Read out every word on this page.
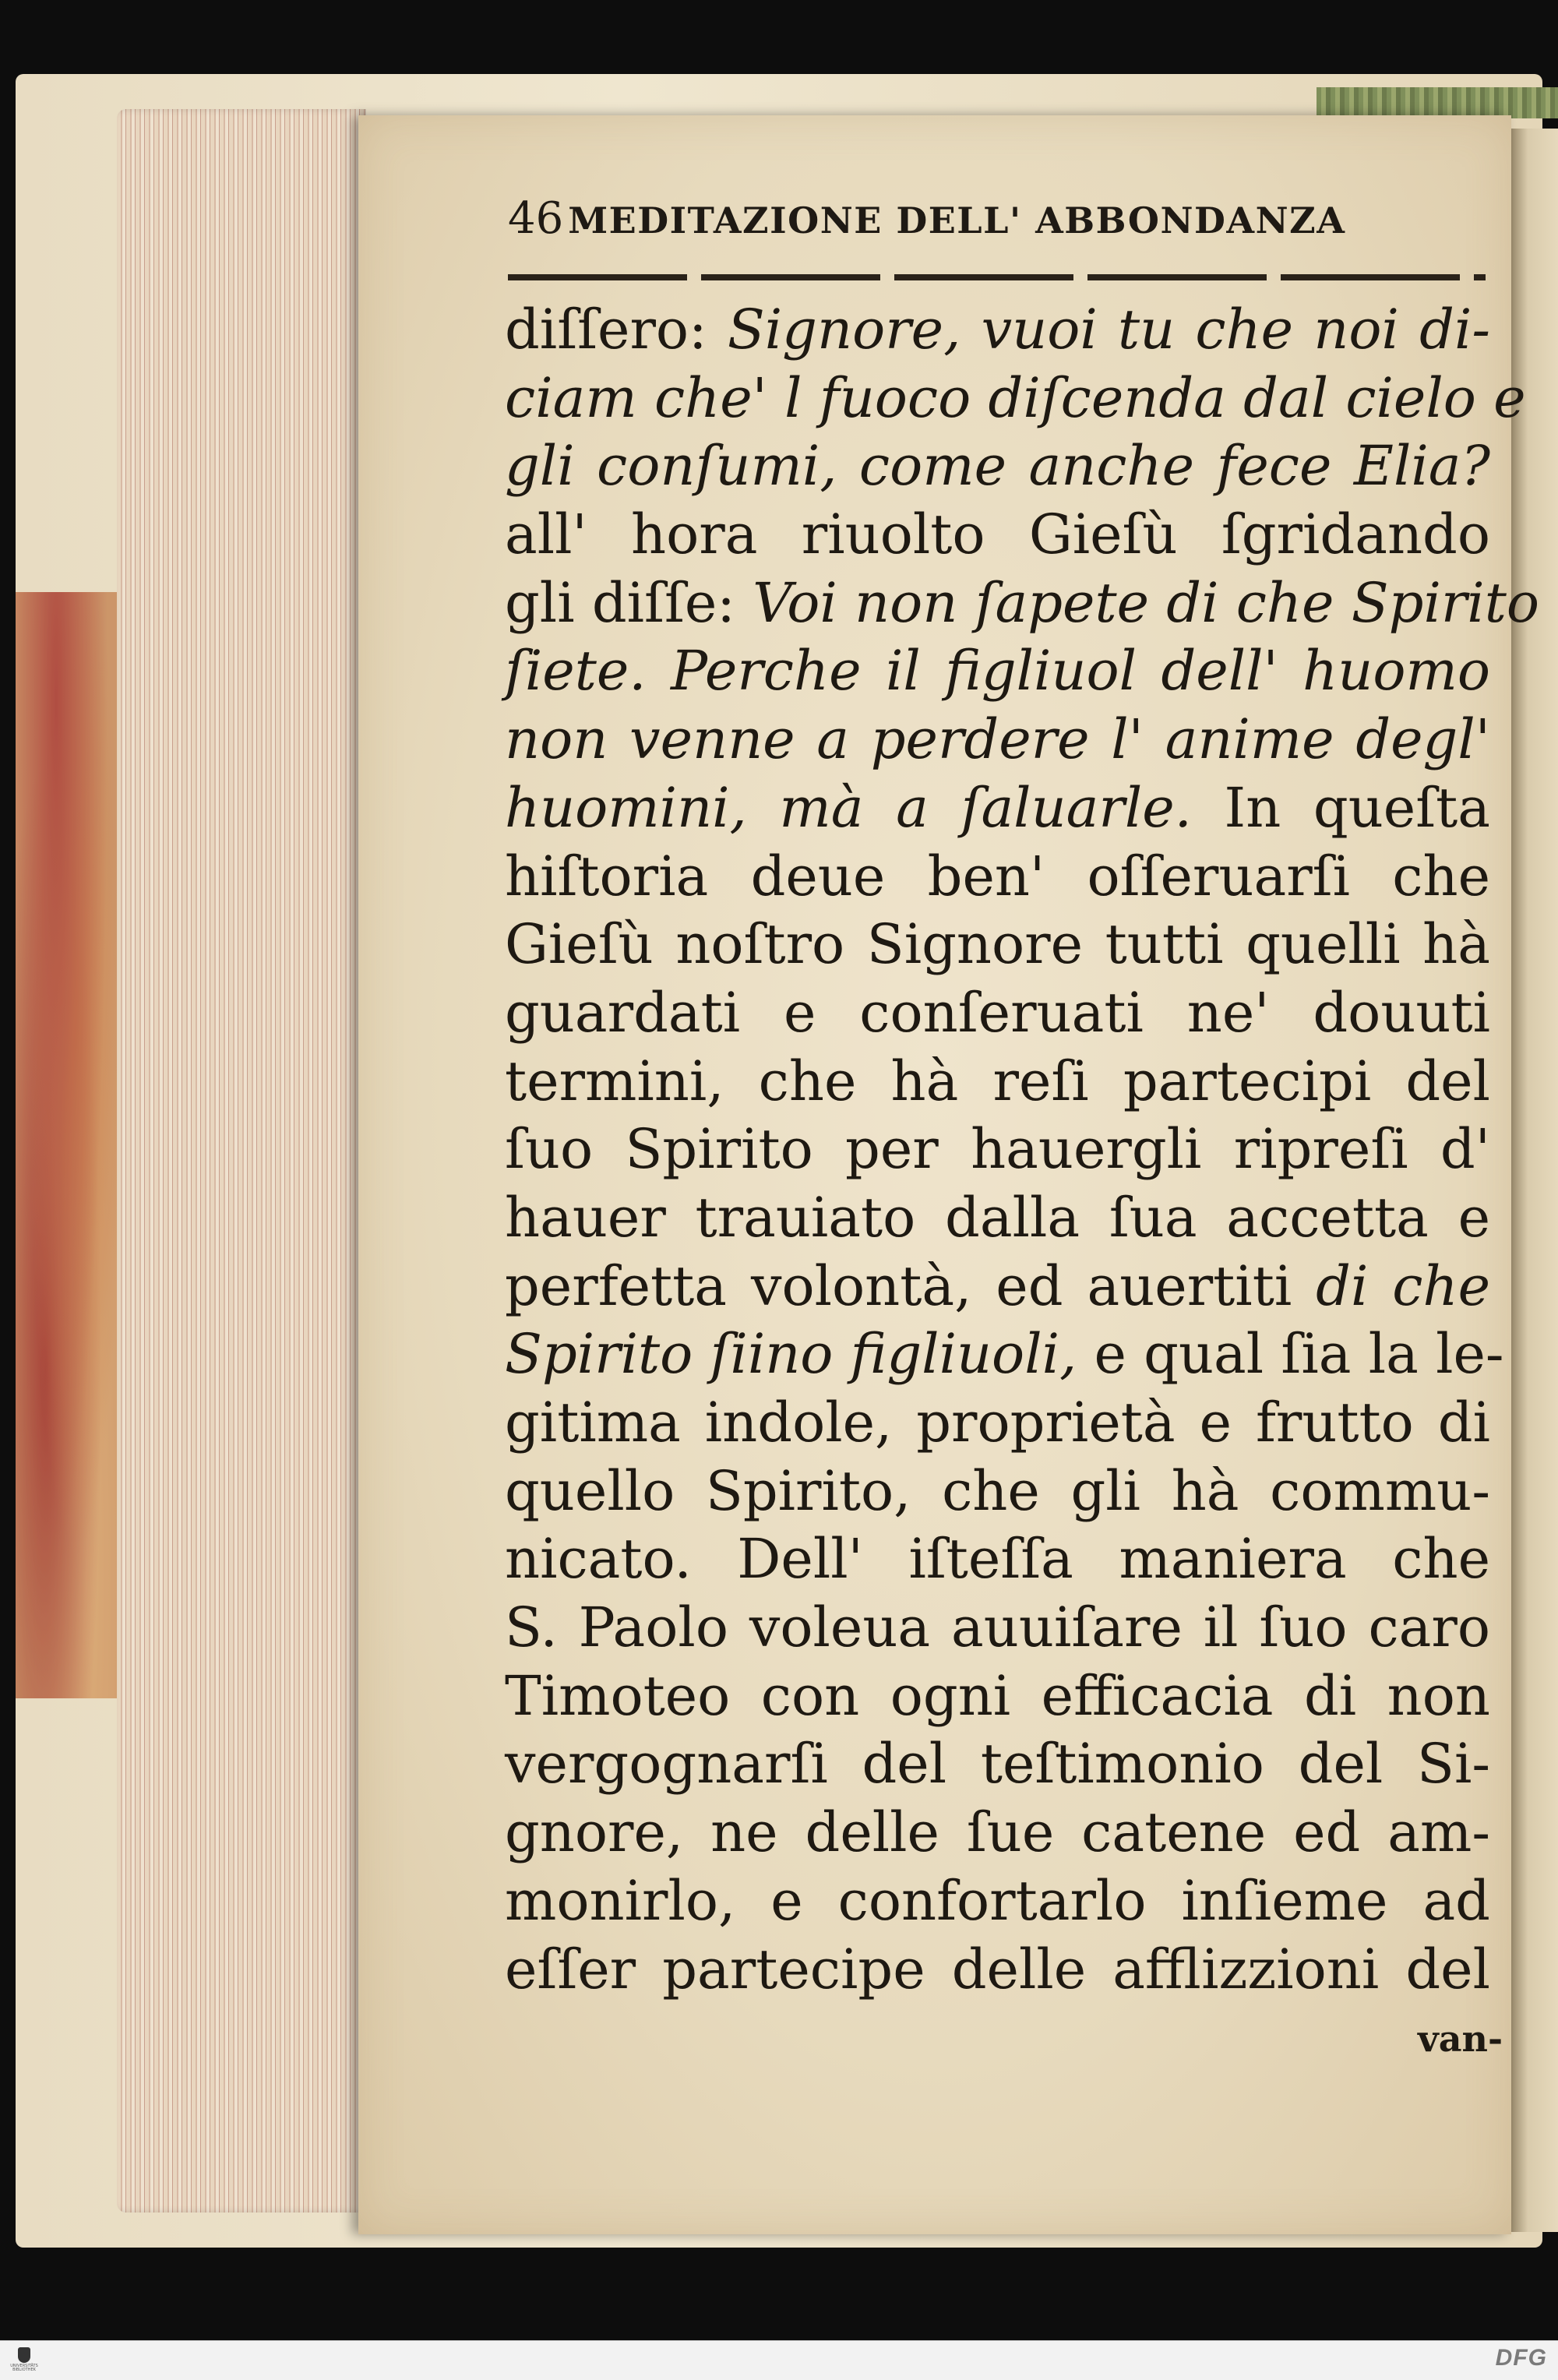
46 MEDITAZIONE DELL' ABBONDANZA
diſſero: Signore, vuoi tu che noi di-
ciam che' l fuoco diſcenda dal cielo e
gli conſumi, come anche fece Elia?
all' hora riuolto Gieſù ſgridando
gli diſſe: Voi non ſapete di che Spirito
ſiete. Perche il figliuol dell' huomo
non venne a perdere l' anime degl'
huomini, mà a ſaluarle. In queſta
hiſtoria deue ben' oſſeruarſi che
Gieſù noſtro Signore tutti quelli hà
guardati e conſeruati ne' douuti
termini, che hà reſi partecipi del
ſuo Spirito per hauergli ripreſi d'
hauer trauiato dalla ſua accetta e
perfetta volontà, ed auertiti di che
Spirito ſiino figliuoli, e qual ſia la le-
gitima indole, proprietà e frutto di
quello Spirito, che gli hà commu-
nicato. Dell' iſteſſa maniera che
S. Paolo voleua auuiſare il ſuo caro
Timoteo con ogni efficacia di non
vergognarſi del teſtimonio del Si-
gnore, ne delle ſue catene ed am-
monirlo, e confortarlo inſieme ad
eſſer partecipe delle afflizzioni del
van-
UNIVERSITÄTS BIBLIOTHEK	DFG
